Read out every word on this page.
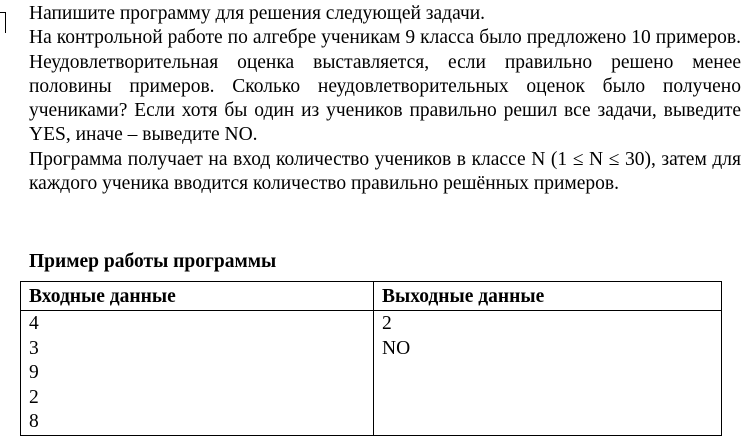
Напишите программу для решения следующей задачи.

На контрольной работе по алгебре ученикам 9 класса было предложено 10 примеров. Неудовлетворительная оценка выставляется, если правильно решено менее половины примеров. Сколько неудовлетворительных оценок было получено учениками? Если хотя бы один из учеников правильно решил все задачи, выведите YES, иначе – выведите NO.

Программа получает на вход количество учеников в классе N (1 ≤ N ≤ 30), затем для каждого ученика вводится количество правильно решённых примеров.

Пример работы программы
Входные данные	Выходные данные

4
3
9
2
8	2
NO
